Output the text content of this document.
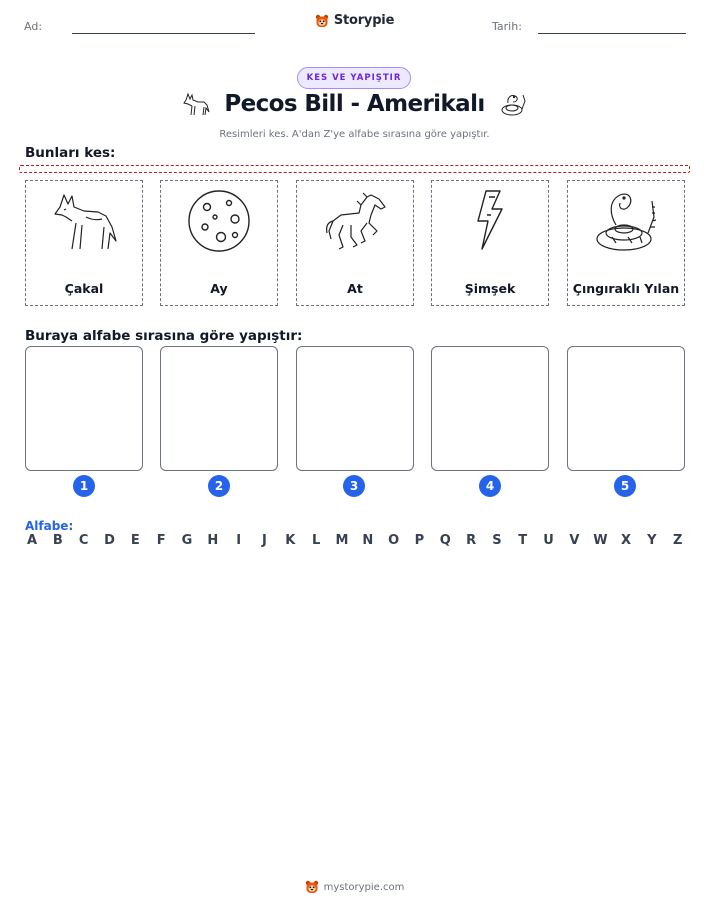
Ad:	Storypie	Tarih:
KES VE YAPIŞTIR
Pecos Bill - Amerikalı
Resimleri kes. A'dan Z'ye alfabe sırasına göre yapıştır.
Bunları kes:
Çakal	Ay	At	Şimşek	Çıngıraklı Yılan
Buraya alfabe sırasına göre yapıştır:
1	2	3	4	5
Alfabe:
A B C D E F G H	I	J	K L M N O P Q R S T U V W X Y Z
mystorypie.com
